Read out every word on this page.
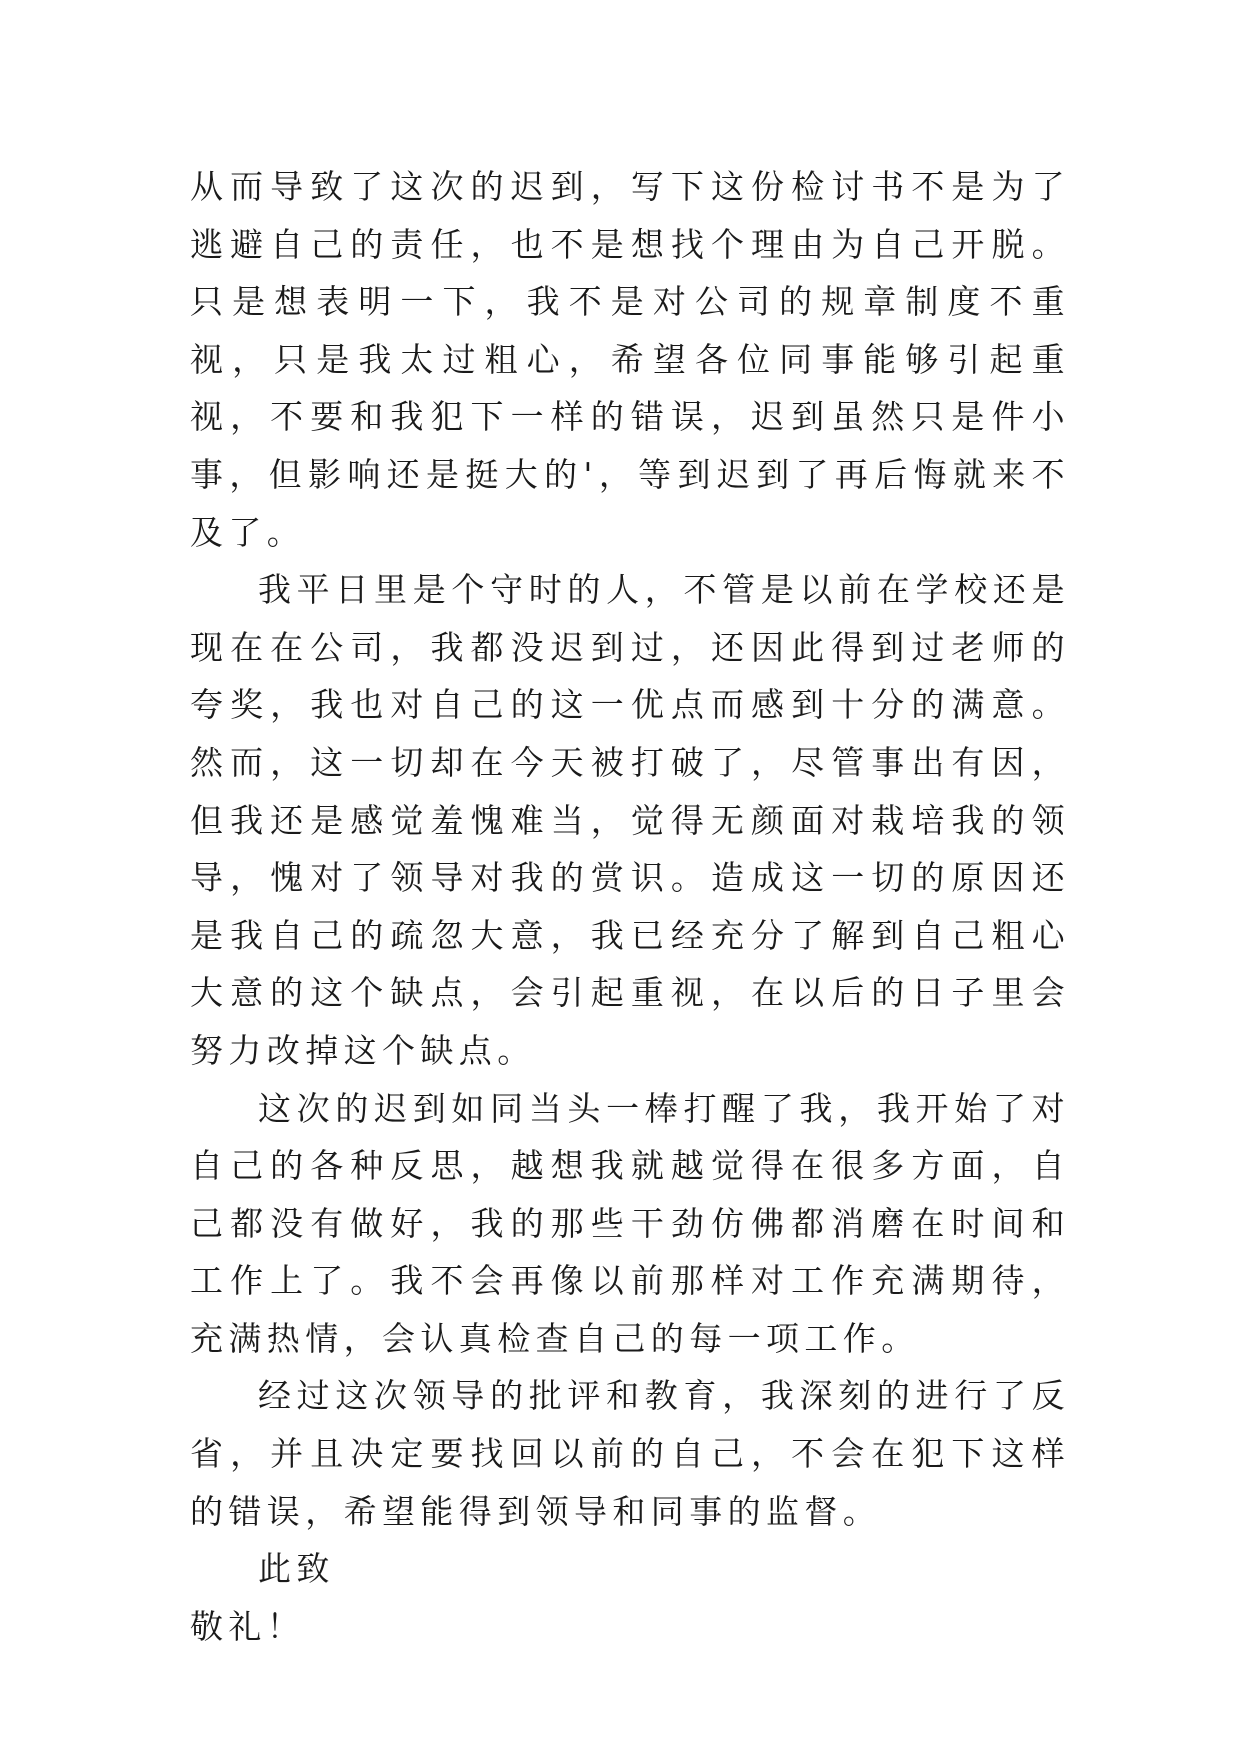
从而导致了这次的迟到，写下这份检讨书不是为了逃避自己的责任，也不是想找个理由为自己开脱。只是想表明一下，我不是对公司的规章制度不重视，只是我太过粗心，希望各位同事能够引起重视，不要和我犯下一样的错误，迟到虽然只是件小事，但影响还是挺大的'，等到迟到了再后悔就来不及了。

我平日里是个守时的人，不管是以前在学校还是现在在公司，我都没迟到过，还因此得到过老师的夸奖，我也对自己的这一优点而感到十分的满意。然而，这一切却在今天被打破了，尽管事出有因，但我还是感觉羞愧难当，觉得无颜面对栽培我的领导，愧对了领导对我的赏识。造成这一切的原因还是我自己的疏忽大意，我已经充分了解到自己粗心大意的这个缺点，会引起重视，在以后的日子里会努力改掉这个缺点。

这次的迟到如同当头一棒打醒了我，我开始了对自己的各种反思，越想我就越觉得在很多方面，自己都没有做好，我的那些干劲仿佛都消磨在时间和工作上了。我不会再像以前那样对工作充满期待，充满热情，会认真检查自己的每一项工作。

经过这次领导的批评和教育，我深刻的进行了反省，并且决定要找回以前的自己，不会在犯下这样的错误，希望能得到领导和同事的监督。

此致

敬礼！
